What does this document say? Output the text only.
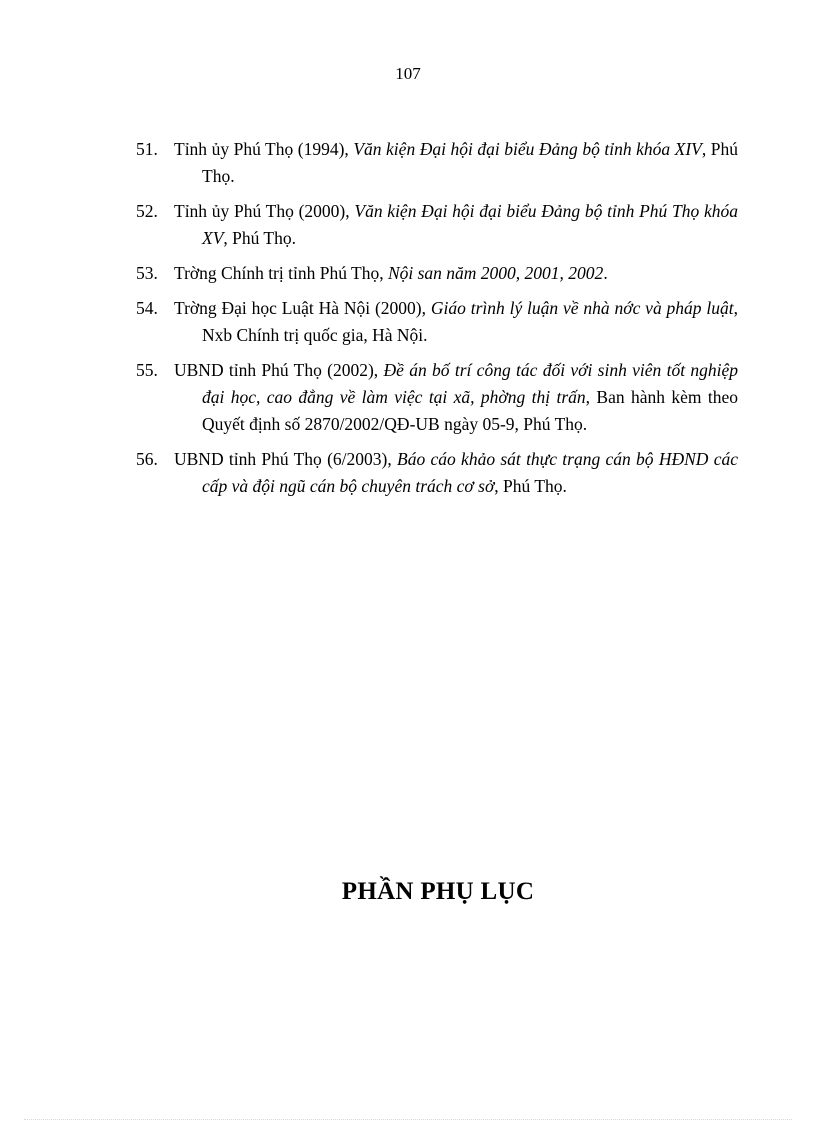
107
51. Tỉnh ủy Phú Thọ (1994), Văn kiện Đại hội đại biểu Đảng bộ tỉnh khóa XIV, Phú Thọ.
52. Tỉnh ủy Phú Thọ (2000), Văn kiện Đại hội đại biểu Đảng bộ tỉnh Phú Thọ khóa XV, Phú Thọ.
53. Trờng Chính trị tỉnh Phú Thọ, Nội san năm 2000, 2001, 2002.
54. Trờng Đại học Luật Hà Nội (2000), Giáo trình lý luận về nhà nớc và pháp luật, Nxb Chính trị quốc gia, Hà Nội.
55. UBND tỉnh Phú Thọ (2002), Đề án bố trí công tác đối với sinh viên tốt nghiệp đại học, cao đẳng về làm việc tại xã, phờng thị trấn, Ban hành kèm theo Quyết định số 2870/2002/QĐ-UB ngày 05-9, Phú Thọ.
56. UBND tỉnh Phú Thọ (6/2003), Báo cáo khảo sát thực trạng cán bộ HĐND các cấp và đội ngũ cán bộ chuyên trách cơ sở, Phú Thọ.
PHẦN PHỤ LỤC
